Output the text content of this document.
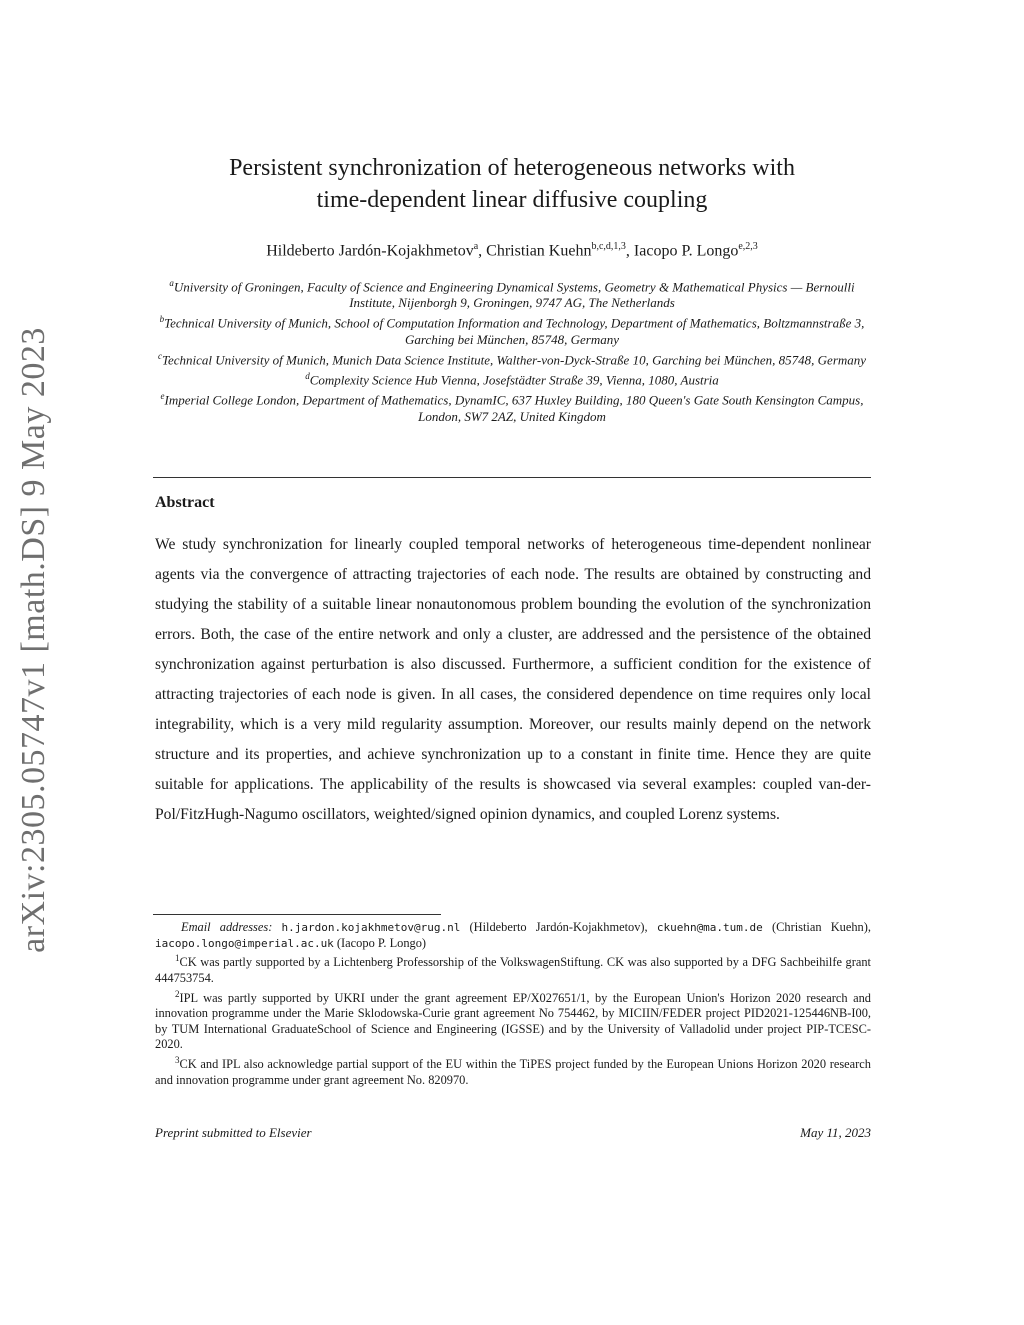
arXiv:2305.05747v1 [math.DS] 9 May 2023
Persistent synchronization of heterogeneous networks with
time-dependent linear diffusive coupling
Hildeberto Jardón-Kojakhmetov$^a$, Christian Kuehn$^{b,c,d,1,3}$, Iacopo P. Longo$^{e,2,3}$

$^a$University of Groningen, Faculty of Science and Engineering Dynamical Systems, Geometry & Mathematical Physics — Bernoulli Institute, Nijenborgh 9, Groningen, 9747 AG, The Netherlands

$^b$Technical University of Munich, School of Computation Information and Technology, Department of Mathematics, Boltzmannstraße 3, Garching bei München, 85748, Germany

$^c$Technical University of Munich, Munich Data Science Institute, Walther-von-Dyck-Straße 10, Garching bei München, 85748, Germany

$^d$Complexity Science Hub Vienna, Josefstädter Straße 39, Vienna, 1080, Austria

$^e$Imperial College London, Department of Mathematics, DynamIC, 637 Huxley Building, 180 Queen's Gate South Kensington Campus, London, SW7 2AZ, United Kingdom

Abstract
We study synchronization for linearly coupled temporal networks of heterogeneous time-dependent nonlinear agents via the convergence of attracting trajectories of each node. The results are obtained by constructing and studying the stability of a suitable linear nonautonomous problem bounding the evolution of the synchronization errors. Both, the case of the entire network and only a cluster, are addressed and the persistence of the obtained synchronization against perturbation is also discussed. Furthermore, a sufficient condition for the existence of attracting trajectories of each node is given. In all cases, the considered dependence on time requires only local integrability, which is a very mild regularity assumption. Moreover, our results mainly depend on the network structure and its properties, and achieve synchronization up to a constant in finite time. Hence they are quite suitable for applications. The applicability of the results is showcased via several examples: coupled van-der-Pol/FitzHugh-Nagumo oscillators, weighted/signed opinion dynamics, and coupled Lorenz systems.

Email addresses: h.jardon.kojakhmetov@rug.nl (Hildeberto Jardón-Kojakhmetov), ckuehn@ma.tum.de (Christian Kuehn), iacopo.longo@imperial.ac.uk (Iacopo P. Longo)

$^1$CK was partly supported by a Lichtenberg Professorship of the VolkswagenStiftung. CK was also supported by a DFG Sachbeihilfe grant 444753754.

$^2$IPL was partly supported by UKRI under the grant agreement EP/X027651/1, by the European Union's Horizon 2020 research and innovation programme under the Marie Sklodowska-Curie grant agreement No 754462, by MICIIN/FEDER project PID2021-125446NB-I00, by TUM International GraduateSchool of Science and Engineering (IGSSE) and by the University of Valladolid under project PIP-TCESC-2020.

$^3$CK and IPL also acknowledge partial support of the EU within the TiPES project funded by the European Unions Horizon 2020 research and innovation programme under grant agreement No. 820970.

Preprint submitted to Elsevier	May 11, 2023
